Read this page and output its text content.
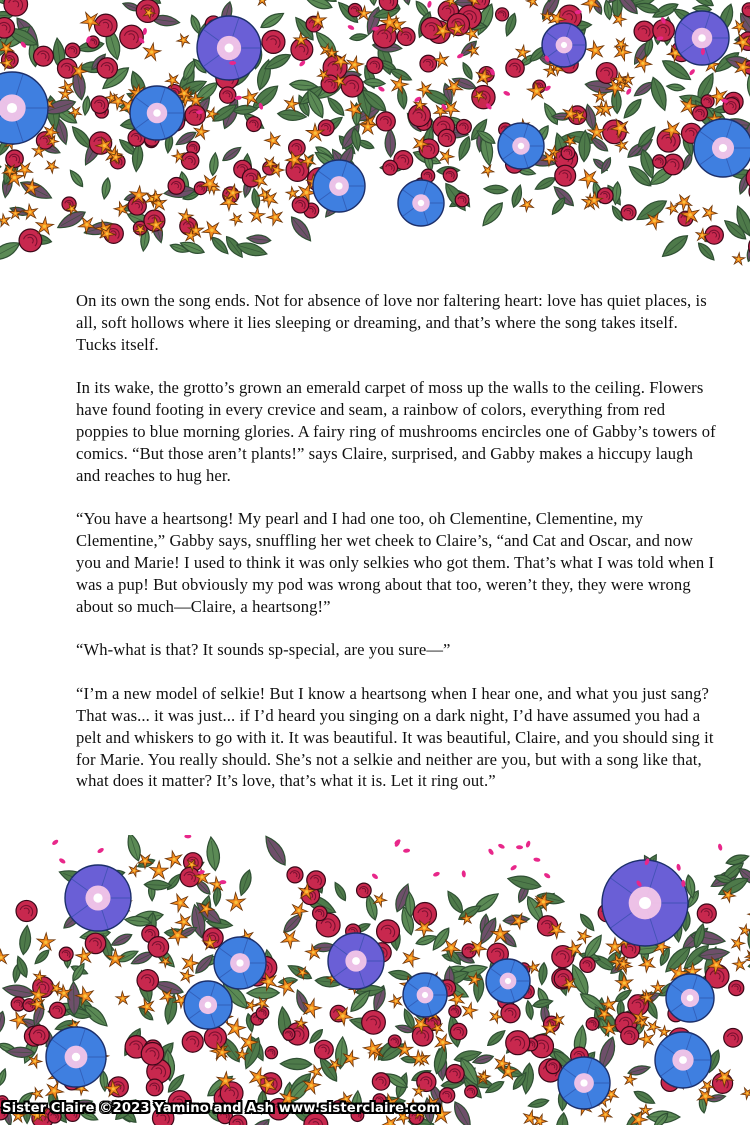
On its own the song ends. Not for absence of love nor faltering heart: love has quiet places, is all, soft hollows where it lies sleeping or dreaming, and that’s where the song takes itself. Tucks itself.

In its wake, the grotto’s grown an emerald carpet of moss up the walls to the ceiling. Flowers have found footing in every crevice and seam, a rainbow of colors, everything from red poppies to blue morning glories. A fairy ring of mushrooms encircles one of Gabby’s towers of comics. “But those aren’t plants!” says Claire, surprised, and Gabby makes a hiccupy laugh and reaches to hug her.

“You have a heartsong! My pearl and I had one too, oh Clementine, Clementine, my Clementine,” Gabby says, snuffling her wet cheek to Claire’s, “and Cat and Oscar, and now you and Marie! I used to think it was only selkies who got them. That’s what I was told when I was a pup! But obviously my pod was wrong about that too, weren’t they, they were wrong about so much—Claire, a heartsong!”

“Wh-what is that? It sounds sp-special, are you sure—”

“I’m a new model of selkie! But I know a heartsong when I hear one, and what you just sang? That was... it was just... if I’d heard you singing on a dark night, I’d have assumed you had a pelt and whiskers to go with it. It was beautiful. It was beautiful, Claire, and you should sing it for Marie. You really should. She’s not a selkie and neither are you, but with a song like that, what does it matter? It’s love, that’s what it is. Let it ring out.”

Sister Claire ©2023 Yamino and Ash www.sisterclaire.com
